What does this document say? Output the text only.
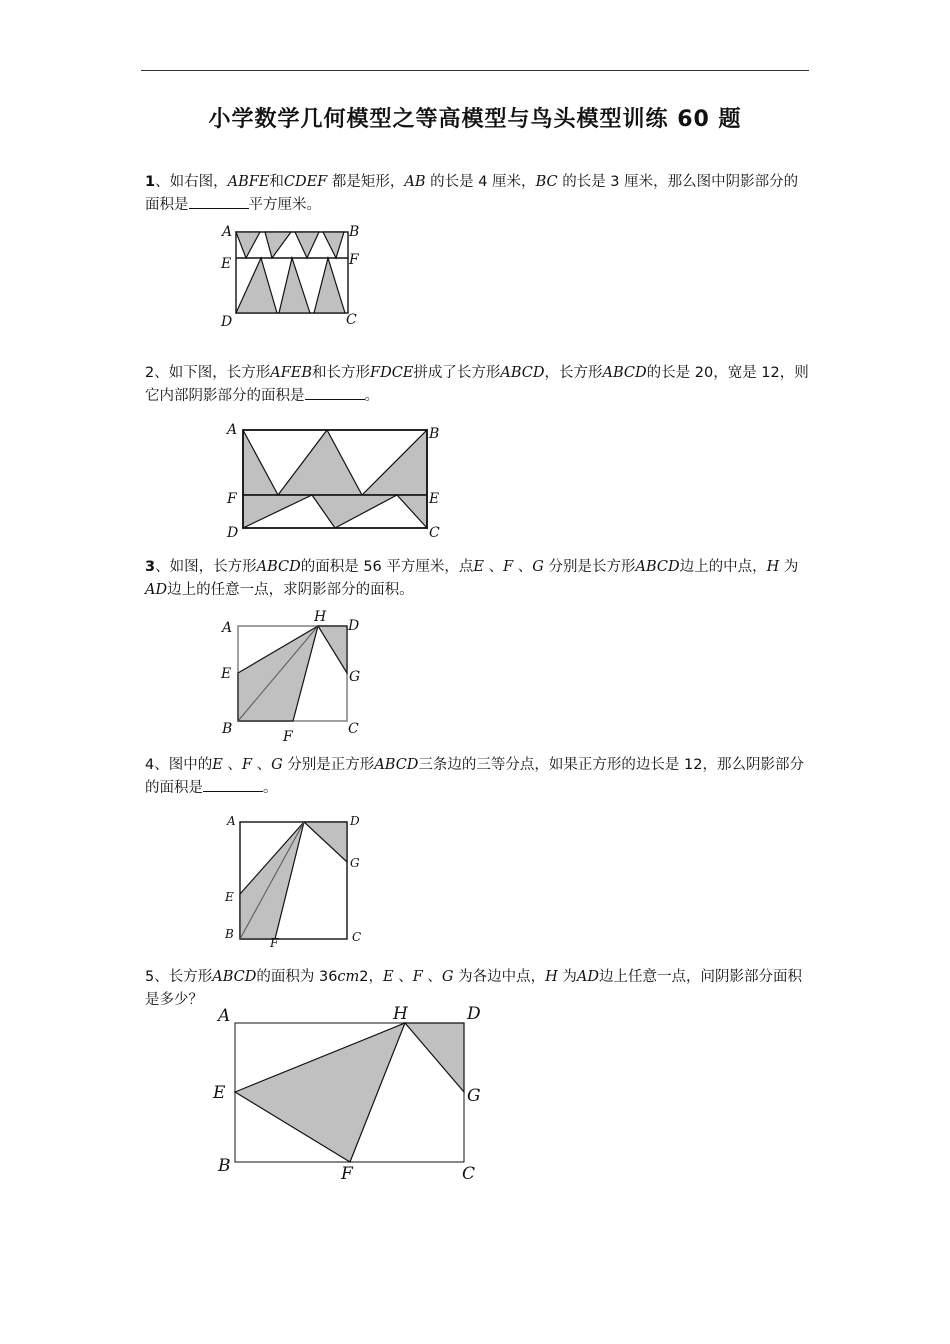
小学数学几何模型之等高模型与鸟头模型训练 60 题
1、如右图，ABFE和CDEF 都是矩形，AB 的长是 4 厘米，BC 的长是 3 厘米，那么图中阴影部分的面积是	平方厘米。
A	B
E	F
D	C
2、如下图，长方形AFEB和长方形FDCE拼成了长方形ABCD，长方形ABCD的长是 20，宽是 12，则它内部阴影部分的面积是	。
A	B
F	E
D	C
3、如图，长方形ABCD的面积是 56 平方厘米，点E 、F 、G 分别是长方形ABCD边上的中点，H 为AD边上的任意一点，求阴影部分的面积。
A
H
D
E	G
B	F	C
4、图中的E 、F 、G 分别是正方形ABCD三条边的三等分点，如果正方形的边长是 12，那么阴影部分的面积是	。
A	D
G
E
B
F	C
5、长方形ABCD的面积为 36cm2，E 、F 、G 为各边中点，H 为AD边上任意一点，问阴影部分面积是多少？
A	H	D
E	G
B	F	C
